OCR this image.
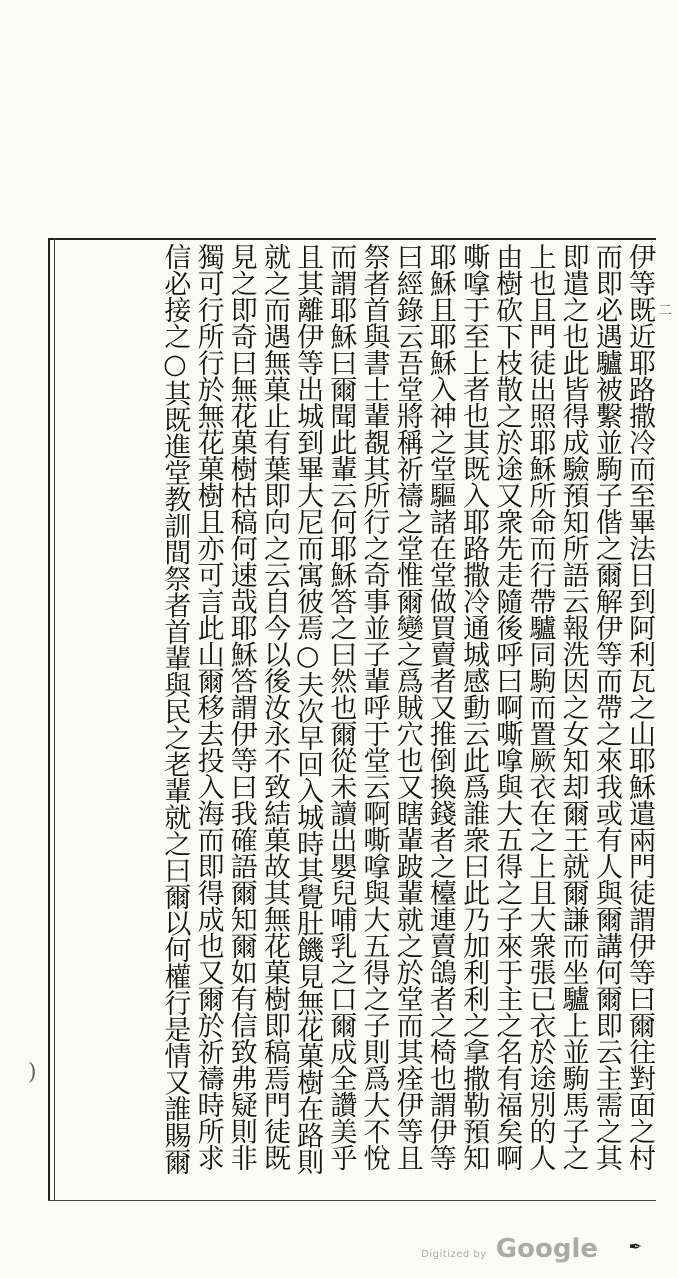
二
)	伊等既近耶路撒冷而至畢法日到阿利瓦之山耶穌遣兩門徒謂伊等曰爾往對面之村
而即必遇驢被繫並駒子偕之爾解伊等而帶之來我或有人與爾講何爾即云主需之其
即遣之也此皆得成驗預知所語云報洗因之女知却爾王就爾謙而坐驢上並駒馬子之
上也且門徒出照耶穌所命而行帶驢同駒而置厥衣在之上且大衆張已衣於途別的人
由樹砍下枝散之於途又衆先走隨後呼曰啊嘶嗱與大五得之子來于主之名有福矣啊
嘶嗱于至上者也其既入耶路撒冷通城感動云此爲誰衆曰此乃加利利之拿撒勒預知
耶穌且耶穌入神之堂驅諸在堂做買賣者又推倒換錢者之檯連賣鴿者之椅也謂伊等
曰經錄云吾堂將稱祈禱之堂惟爾變之爲賊穴也又瞎輩跛輩就之於堂而其痊伊等且
祭者首與書士輩覩其所行之奇事並子輩呼于堂云啊嘶嗱與大五得之子則爲大不悅
而謂耶穌曰爾聞此輩云何耶穌答之曰然也爾從未讀出嬰兒哺乳之口爾成全讚美乎
且其離伊等出城到畢大尼而寓彼焉○夫次早回入城時其覺肚饑見無花菓樹在路則
就之而遇無菓止有葉即向之云自今以後汝永不致結菓故其無花菓樹即稿焉門徒既
見之即奇曰無花菓樹枯稿何速哉耶穌答謂伊等曰我確語爾知爾如有信致弗疑則非
獨可行所行於無花菓樹且亦可言此山爾移去投入海而即得成也又爾於祈禱時所求
信必接之○其既進堂教訓間祭者首輩與民之老輩就之曰爾以何權行是情又誰賜爾
Digitized by Google ✒
